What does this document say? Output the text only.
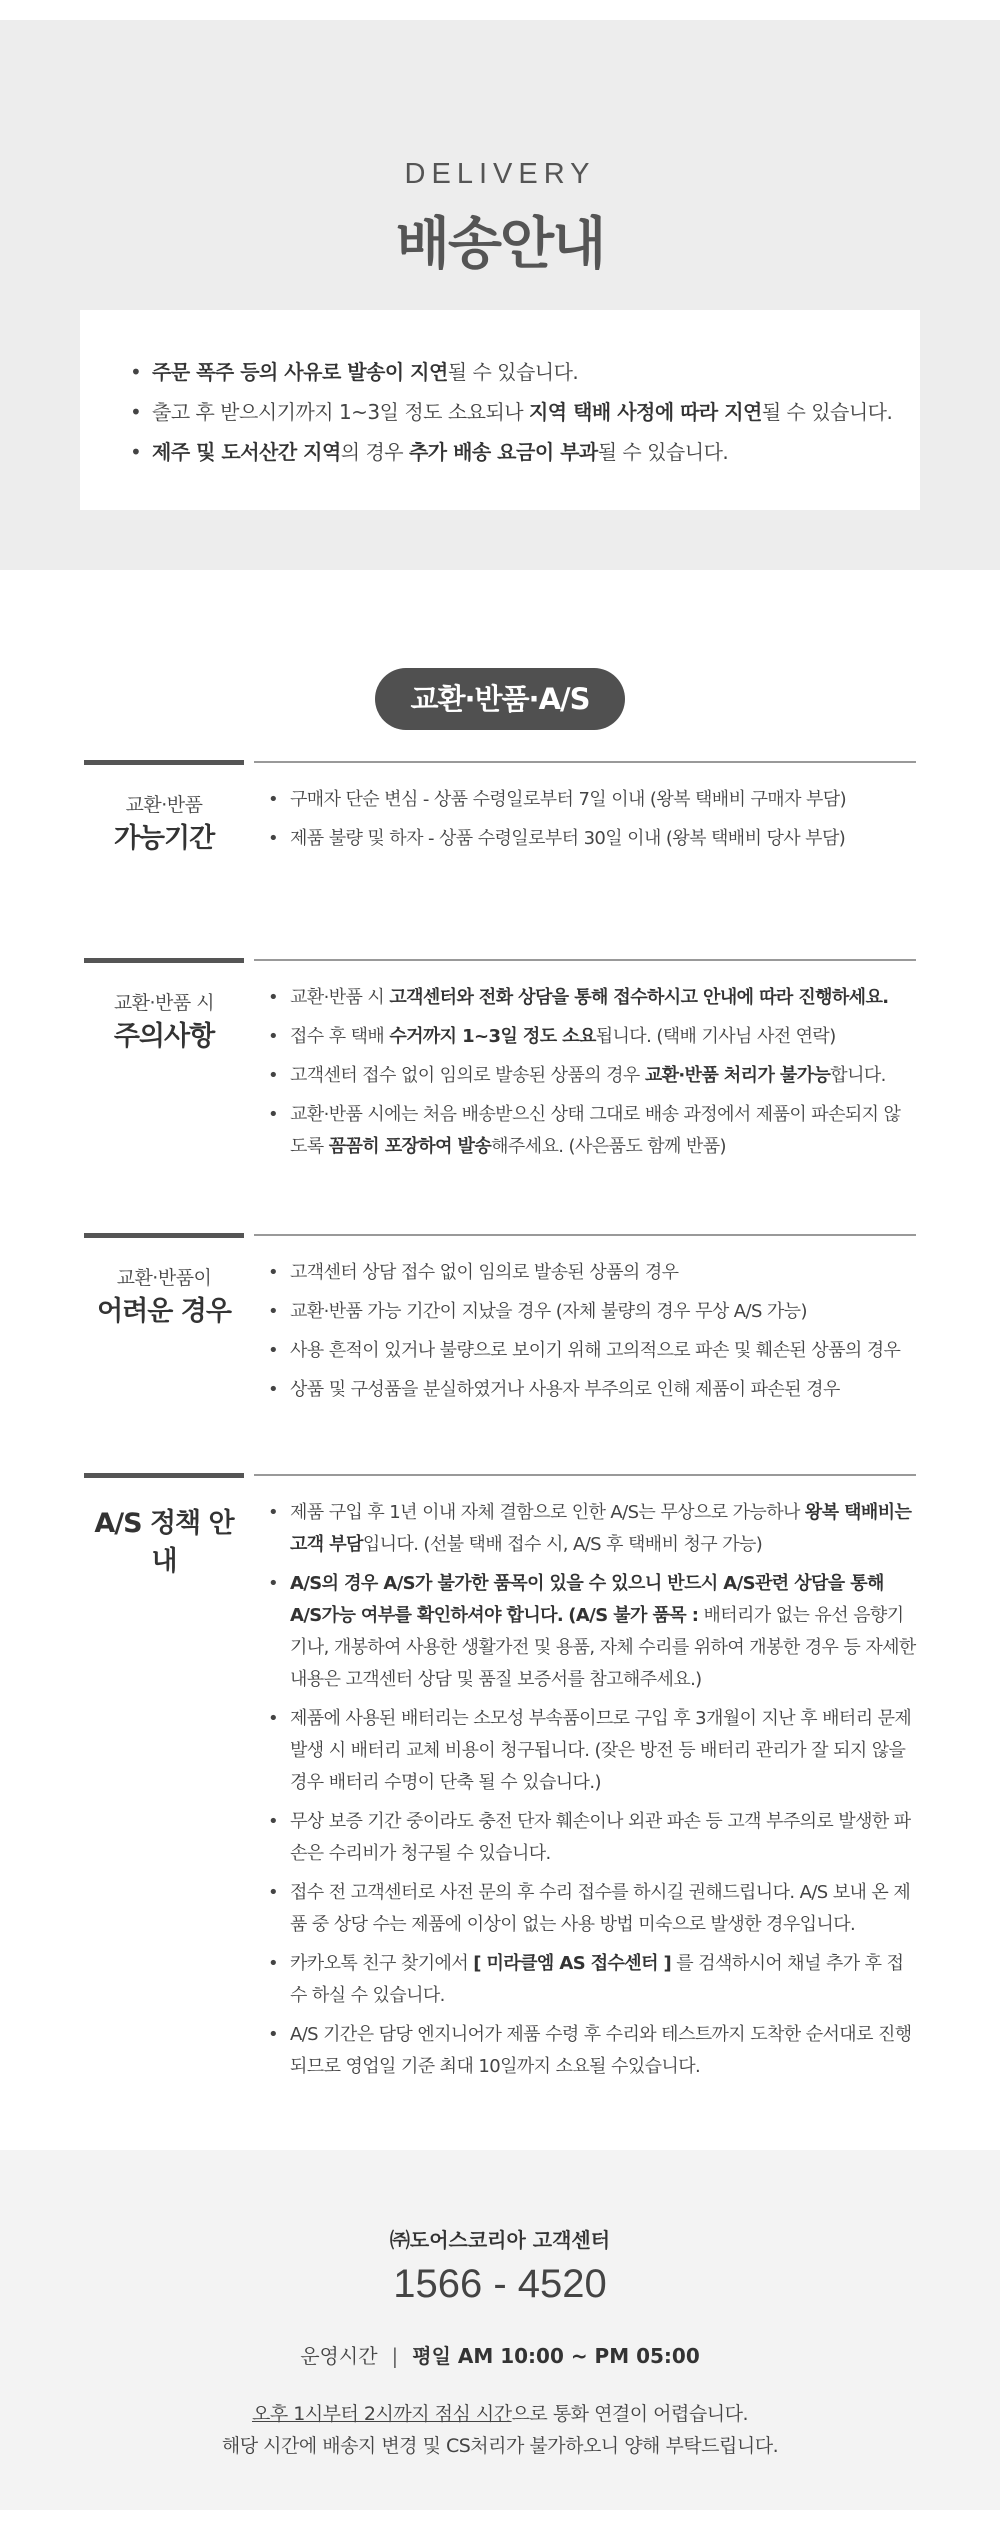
DELIVERY
배송안내
• 주문 폭주 등의 사유로 발송이 지연될 수 있습니다.
• 출고 후 받으시기까지 1~3일 정도 소요되나 지역 택배 사정에 따라 지연될 수 있습니다.
• 제주 및 도서산간 지역의 경우 추가 배송 요금이 부과될 수 있습니다.
교환·반품·A/S
교환·반품
가능기간
• 구매자 단순 변심 - 상품 수령일로부터 7일 이내 (왕복 택배비 구매자 부담)
• 제품 불량 및 하자 - 상품 수령일로부터 30일 이내 (왕복 택배비 당사 부담)
교환·반품 시
주의사항
• 교환·반품 시 고객센터와 전화 상담을 통해 접수하시고 안내에 따라 진행하세요.
• 접수 후 택배 수거까지 1~3일 정도 소요됩니다. (택배 기사님 사전 연락)
• 고객센터 접수 없이 임의로 발송된 상품의 경우 교환·반품 처리가 불가능합니다.
• 교환·반품 시에는 처음 배송받으신 상태 그대로 배송 과정에서 제품이 파손되지 않도록 꼼꼼히 포장하여 발송해주세요. (사은품도 함께 반품)
교환·반품이
어려운 경우
• 고객센터 상담 접수 없이 임의로 발송된 상품의 경우
• 교환·반품 가능 기간이 지났을 경우 (자체 불량의 경우 무상 A/S 가능)
• 사용 흔적이 있거나 불량으로 보이기 위해 고의적으로 파손 및 훼손된 상품의 경우
• 상품 및 구성품을 분실하였거나 사용자 부주의로 인해 제품이 파손된 경우
A/S 정책 안내
• 제품 구입 후 1년 이내 자체 결함으로 인한 A/S는 무상으로 가능하나 왕복 택배비는 고객 부담입니다. (선불 택배 접수 시, A/S 후 택배비 청구 가능)
• A/S의 경우 A/S가 불가한 품목이 있을 수 있으니 반드시 A/S관련 상담을 통해 A/S가능 여부를 확인하셔야 합니다. (A/S 불가 품목 : 배터리가 없는 유선 음향기기나, 개봉하여 사용한 생활가전 및 용품, 자체 수리를 위하여 개봉한 경우 등 자세한 내용은 고객센터 상담 및 품질 보증서를 참고해주세요.)
• 제품에 사용된 배터리는 소모성 부속품이므로 구입 후 3개월이 지난 후 배터리 문제 발생 시 배터리 교체 비용이 청구됩니다. (잦은 방전 등 배터리 관리가 잘 되지 않을 경우 배터리 수명이 단축 될 수 있습니다.)
• 무상 보증 기간 중이라도 충전 단자 훼손이나 외관 파손 등 고객 부주의로 발생한 파손은 수리비가 청구될 수 있습니다.
• 접수 전 고객센터로 사전 문의 후 수리 접수를 하시길 권해드립니다. A/S 보내 온 제품 중 상당 수는 제품에 이상이 없는 사용 방법 미숙으로 발생한 경우입니다.
• 카카오톡 친구 찾기에서 [ 미라클엠 AS 접수센터 ] 를 검색하시어 채널 추가 후 접수 하실 수 있습니다.
• A/S 기간은 담당 엔지니어가 제품 수령 후 수리와 테스트까지 도착한 순서대로 진행되므로 영업일 기준 최대 10일까지 소요될 수있습니다.
㈜도어스코리아 고객센터
1566 - 4520
운영시간 | 평일 AM 10:00 ~ PM 05:00
오후 1시부터 2시까지 점심 시간으로 통화 연결이 어렵습니다.
해당 시간에 배송지 변경 및 CS처리가 불가하오니 양해 부탁드립니다.
